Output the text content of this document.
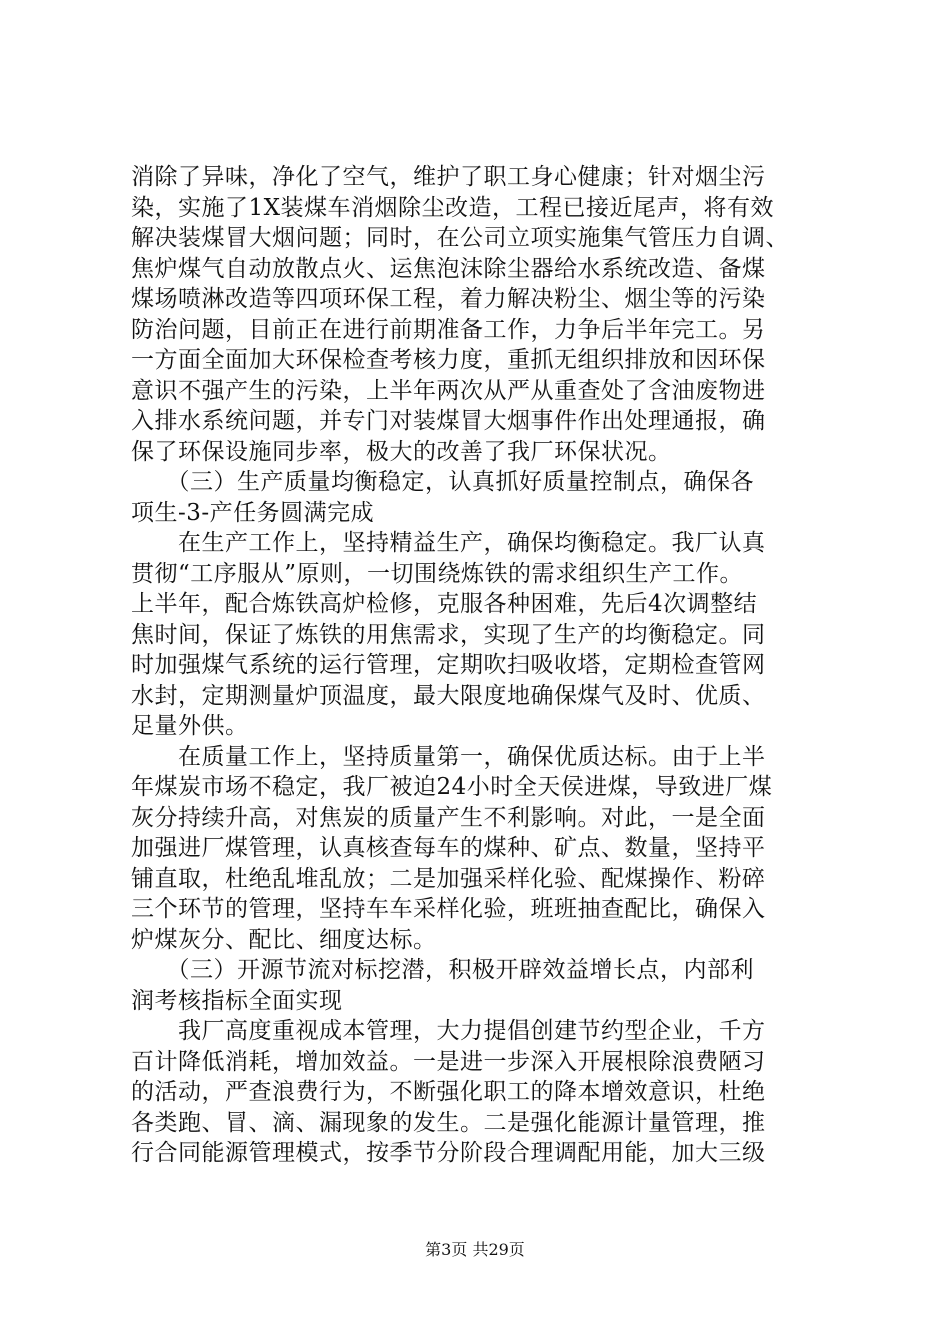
消除了异味，净化了空气，维护了职工身心健康；针对烟尘污
染，实施了1X装煤车消烟除尘改造，工程已接近尾声，将有效
解决装煤冒大烟问题；同时，在公司立项实施集气管压力自调、
焦炉煤气自动放散点火、运焦泡沫除尘器给水系统改造、备煤
煤场喷淋改造等四项环保工程，着力解决粉尘、烟尘等的污染
防治问题，目前正在进行前期准备工作，力争后半年完工。另
一方面全面加大环保检查考核力度，重抓无组织排放和因环保
意识不强产生的污染，上半年两次从严从重查处了含油废物进
入排水系统问题，并专门对装煤冒大烟事件作出处理通报，确
保了环保设施同步率，极大的改善了我厂环保状况。
　　（三）生产质量均衡稳定，认真抓好质量控制点，确保各
项生-3-产任务圆满完成
　　在生产工作上，坚持精益生产，确保均衡稳定。我厂认真
贯彻“工序服从”原则，一切围绕炼铁的需求组织生产工作。
上半年，配合炼铁高炉检修，克服各种困难，先后4次调整结
焦时间，保证了炼铁的用焦需求，实现了生产的均衡稳定。同
时加强煤气系统的运行管理，定期吹扫吸收塔，定期检查管网
水封，定期测量炉顶温度，最大限度地确保煤气及时、优质、
足量外供。
　　在质量工作上，坚持质量第一，确保优质达标。由于上半
年煤炭市场不稳定，我厂被迫24小时全天侯进煤，导致进厂煤
灰分持续升高，对焦炭的质量产生不利影响。对此，一是全面
加强进厂煤管理，认真核查每车的煤种、矿点、数量，坚持平
铺直取，杜绝乱堆乱放；二是加强采样化验、配煤操作、粉碎
三个环节的管理，坚持车车采样化验，班班抽查配比，确保入
炉煤灰分、配比、细度达标。
　　（三）开源节流对标挖潜，积极开辟效益增长点，内部利
润考核指标全面实现
　　我厂高度重视成本管理，大力提倡创建节约型企业，千方
百计降低消耗，增加效益。一是进一步深入开展根除浪费陋习
的活动，严查浪费行为，不断强化职工的降本增效意识，杜绝
各类跑、冒、滴、漏现象的发生。二是强化能源计量管理，推
行合同能源管理模式，按季节分阶段合理调配用能，加大三级
第3页 共29页
